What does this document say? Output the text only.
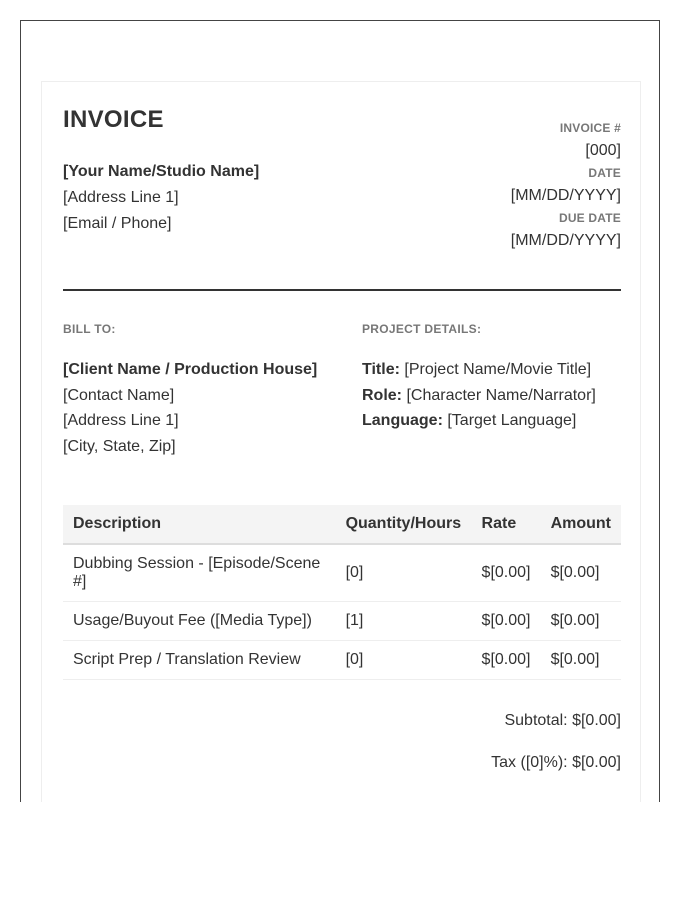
INVOICE
[Your Name/Studio Name]
[Address Line 1]
[Email / Phone]
INVOICE #
[000]
DATE
[MM/DD/YYYY]
DUE DATE
[MM/DD/YYYY]
BILL TO:	PROJECT DETAILS:
[Client Name / Production House]
[Contact Name]
[Address Line 1]
[City, State, Zip]
Title: [Project Name/Movie Title]
Role: [Character Name/Narrator]
Language: [Target Language]
Description	Quantity/Hours	Rate	Amount
Dubbing Session - [Episode/Scene #]	[0]	$[0.00]	$[0.00]
Usage/Buyout Fee ([Media Type])	[1]	$[0.00]	$[0.00]
Script Prep / Translation Review	[0]	$[0.00]	$[0.00]
Subtotal: $[0.00]
Tax ([0]%): $[0.00]
